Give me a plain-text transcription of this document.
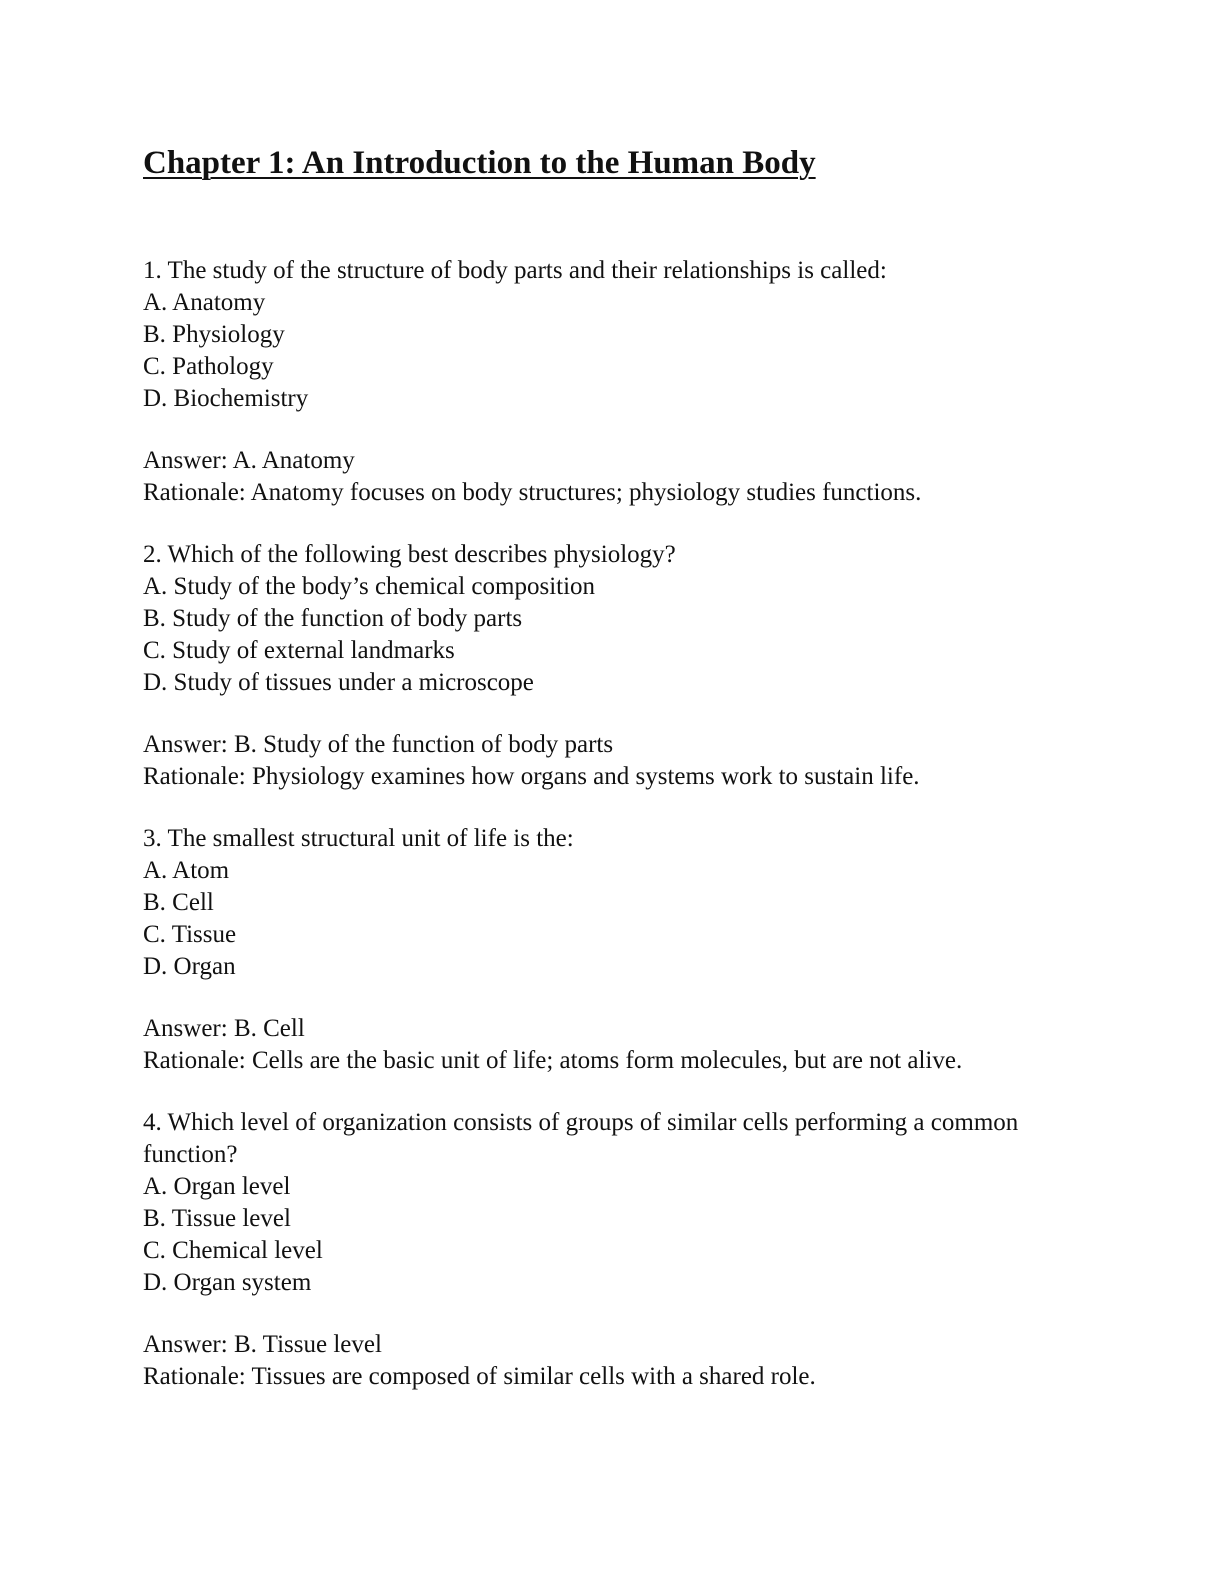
Chapter 1: An Introduction to the Human Body
1. The study of the structure of body parts and their relationships is called:
A. Anatomy
B. Physiology
C. Pathology
D. Biochemistry
Answer: A. Anatomy
Rationale: Anatomy focuses on body structures; physiology studies functions.
2. Which of the following best describes physiology?
A. Study of the body’s chemical composition
B. Study of the function of body parts
C. Study of external landmarks
D. Study of tissues under a microscope
Answer: B. Study of the function of body parts
Rationale: Physiology examines how organs and systems work to sustain life.
3. The smallest structural unit of life is the:
A. Atom
B. Cell
C. Tissue
D. Organ
Answer: B. Cell
Rationale: Cells are the basic unit of life; atoms form molecules, but are not alive.
4. Which level of organization consists of groups of similar cells performing a common function?
A. Organ level
B. Tissue level
C. Chemical level
D. Organ system
Answer: B. Tissue level
Rationale: Tissues are composed of similar cells with a shared role.
